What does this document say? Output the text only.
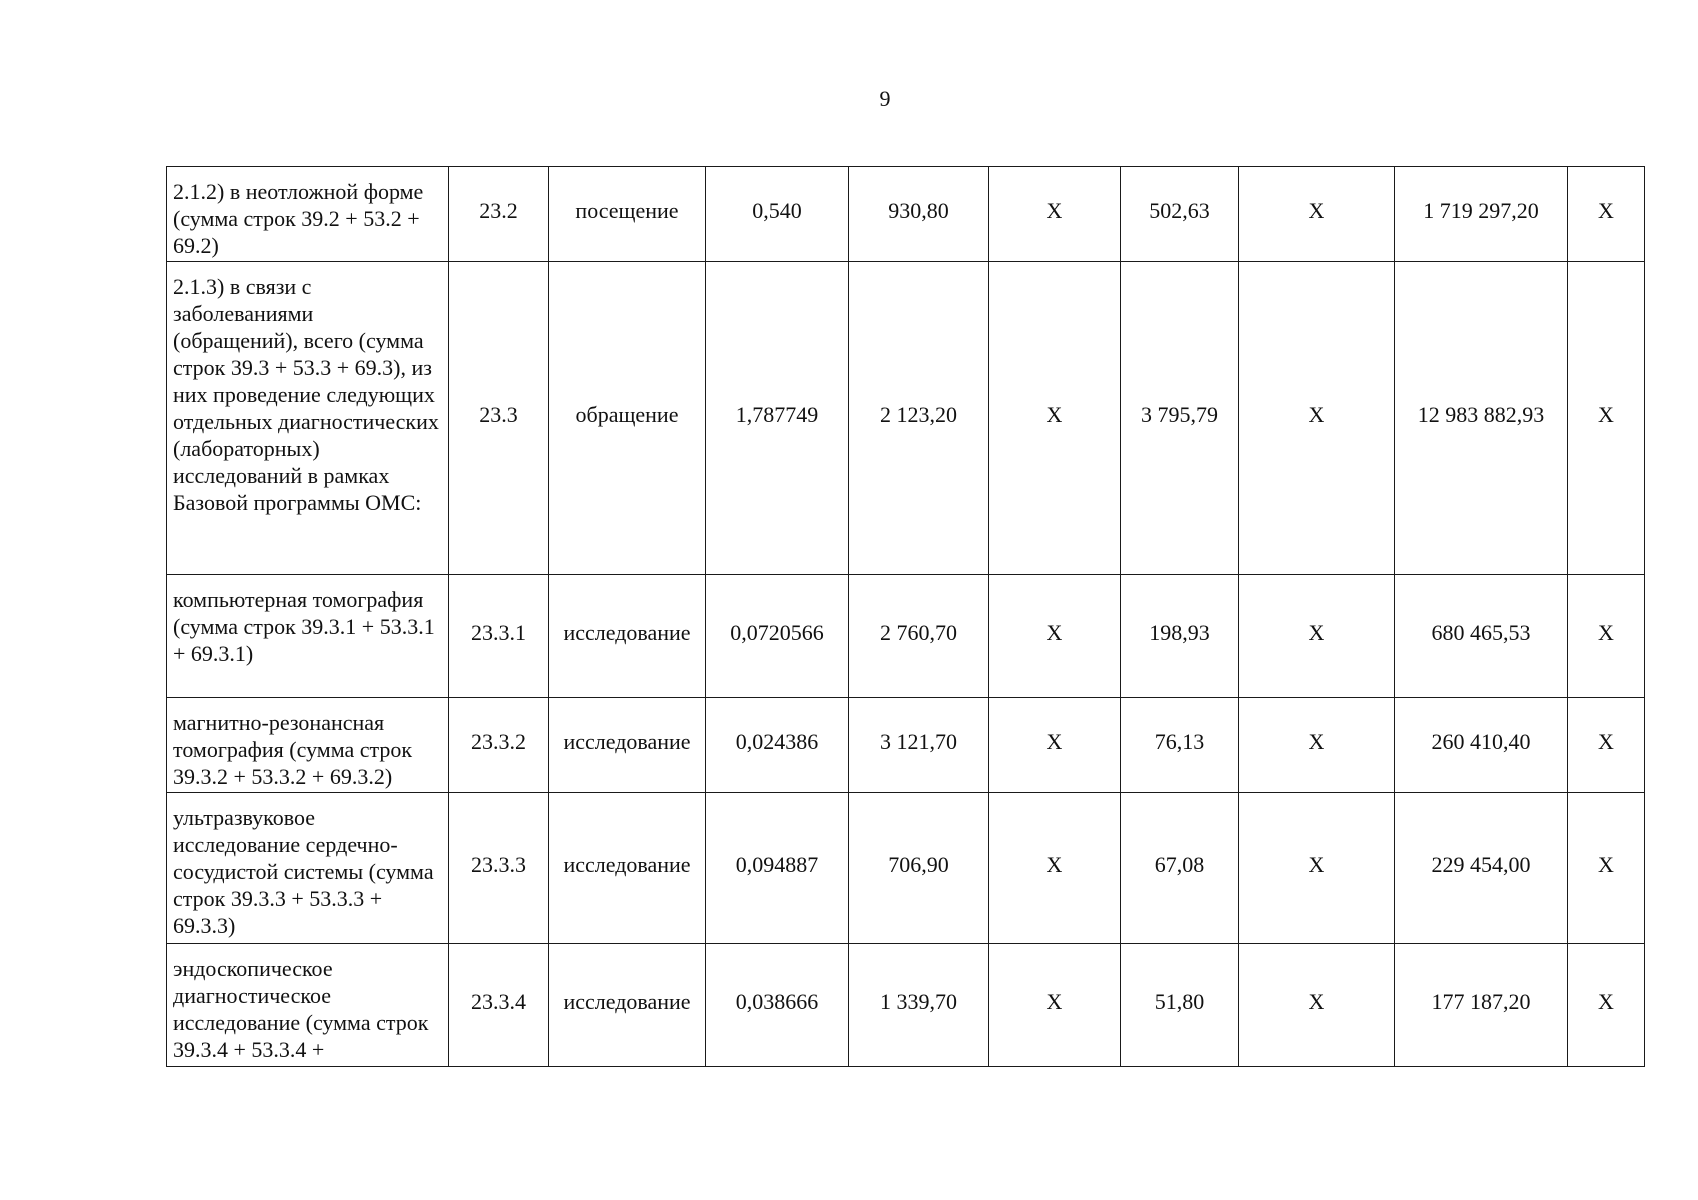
9
2.1.2) в неотложной форме (сумма строк 39.2 + 53.2 + 69.2)	23.2	посещение	0,540	930,80	Х	502,63	Х	1 719 297,20	Х

2.1.3) в связи с заболеваниями (обращений), всего (сумма строк 39.3 + 53.3 + 69.3), из них проведение следующих отдельных диагностических (лабораторных) исследований в рамках Базовой программы ОМС:	23.3	обращение	1,787749	2 123,20	Х	3 795,79	Х	12 983 882,93	Х

компьютерная томография (сумма строк 39.3.1 + 53.3.1 + 69.3.1)	23.3.1	исследование	0,0720566	2 760,70	Х	198,93	Х	680 465,53	Х

магнитно-резонансная томография (сумма строк 39.3.2 + 53.3.2 + 69.3.2)	23.3.2	исследование	0,024386	3 121,70	Х	76,13	Х	260 410,40	Х

ультразвуковое исследование сердечно-сосудистой системы (сумма строк 39.3.3 + 53.3.3 + 69.3.3)	23.3.3	исследование	0,094887	706,90	Х	67,08	Х	229 454,00	Х

эндоскопическое диагностическое исследование (сумма строк 39.3.4 + 53.3.4 +	23.3.4	исследование	0,038666	1 339,70	Х	51,80	Х	177 187,20	Х
